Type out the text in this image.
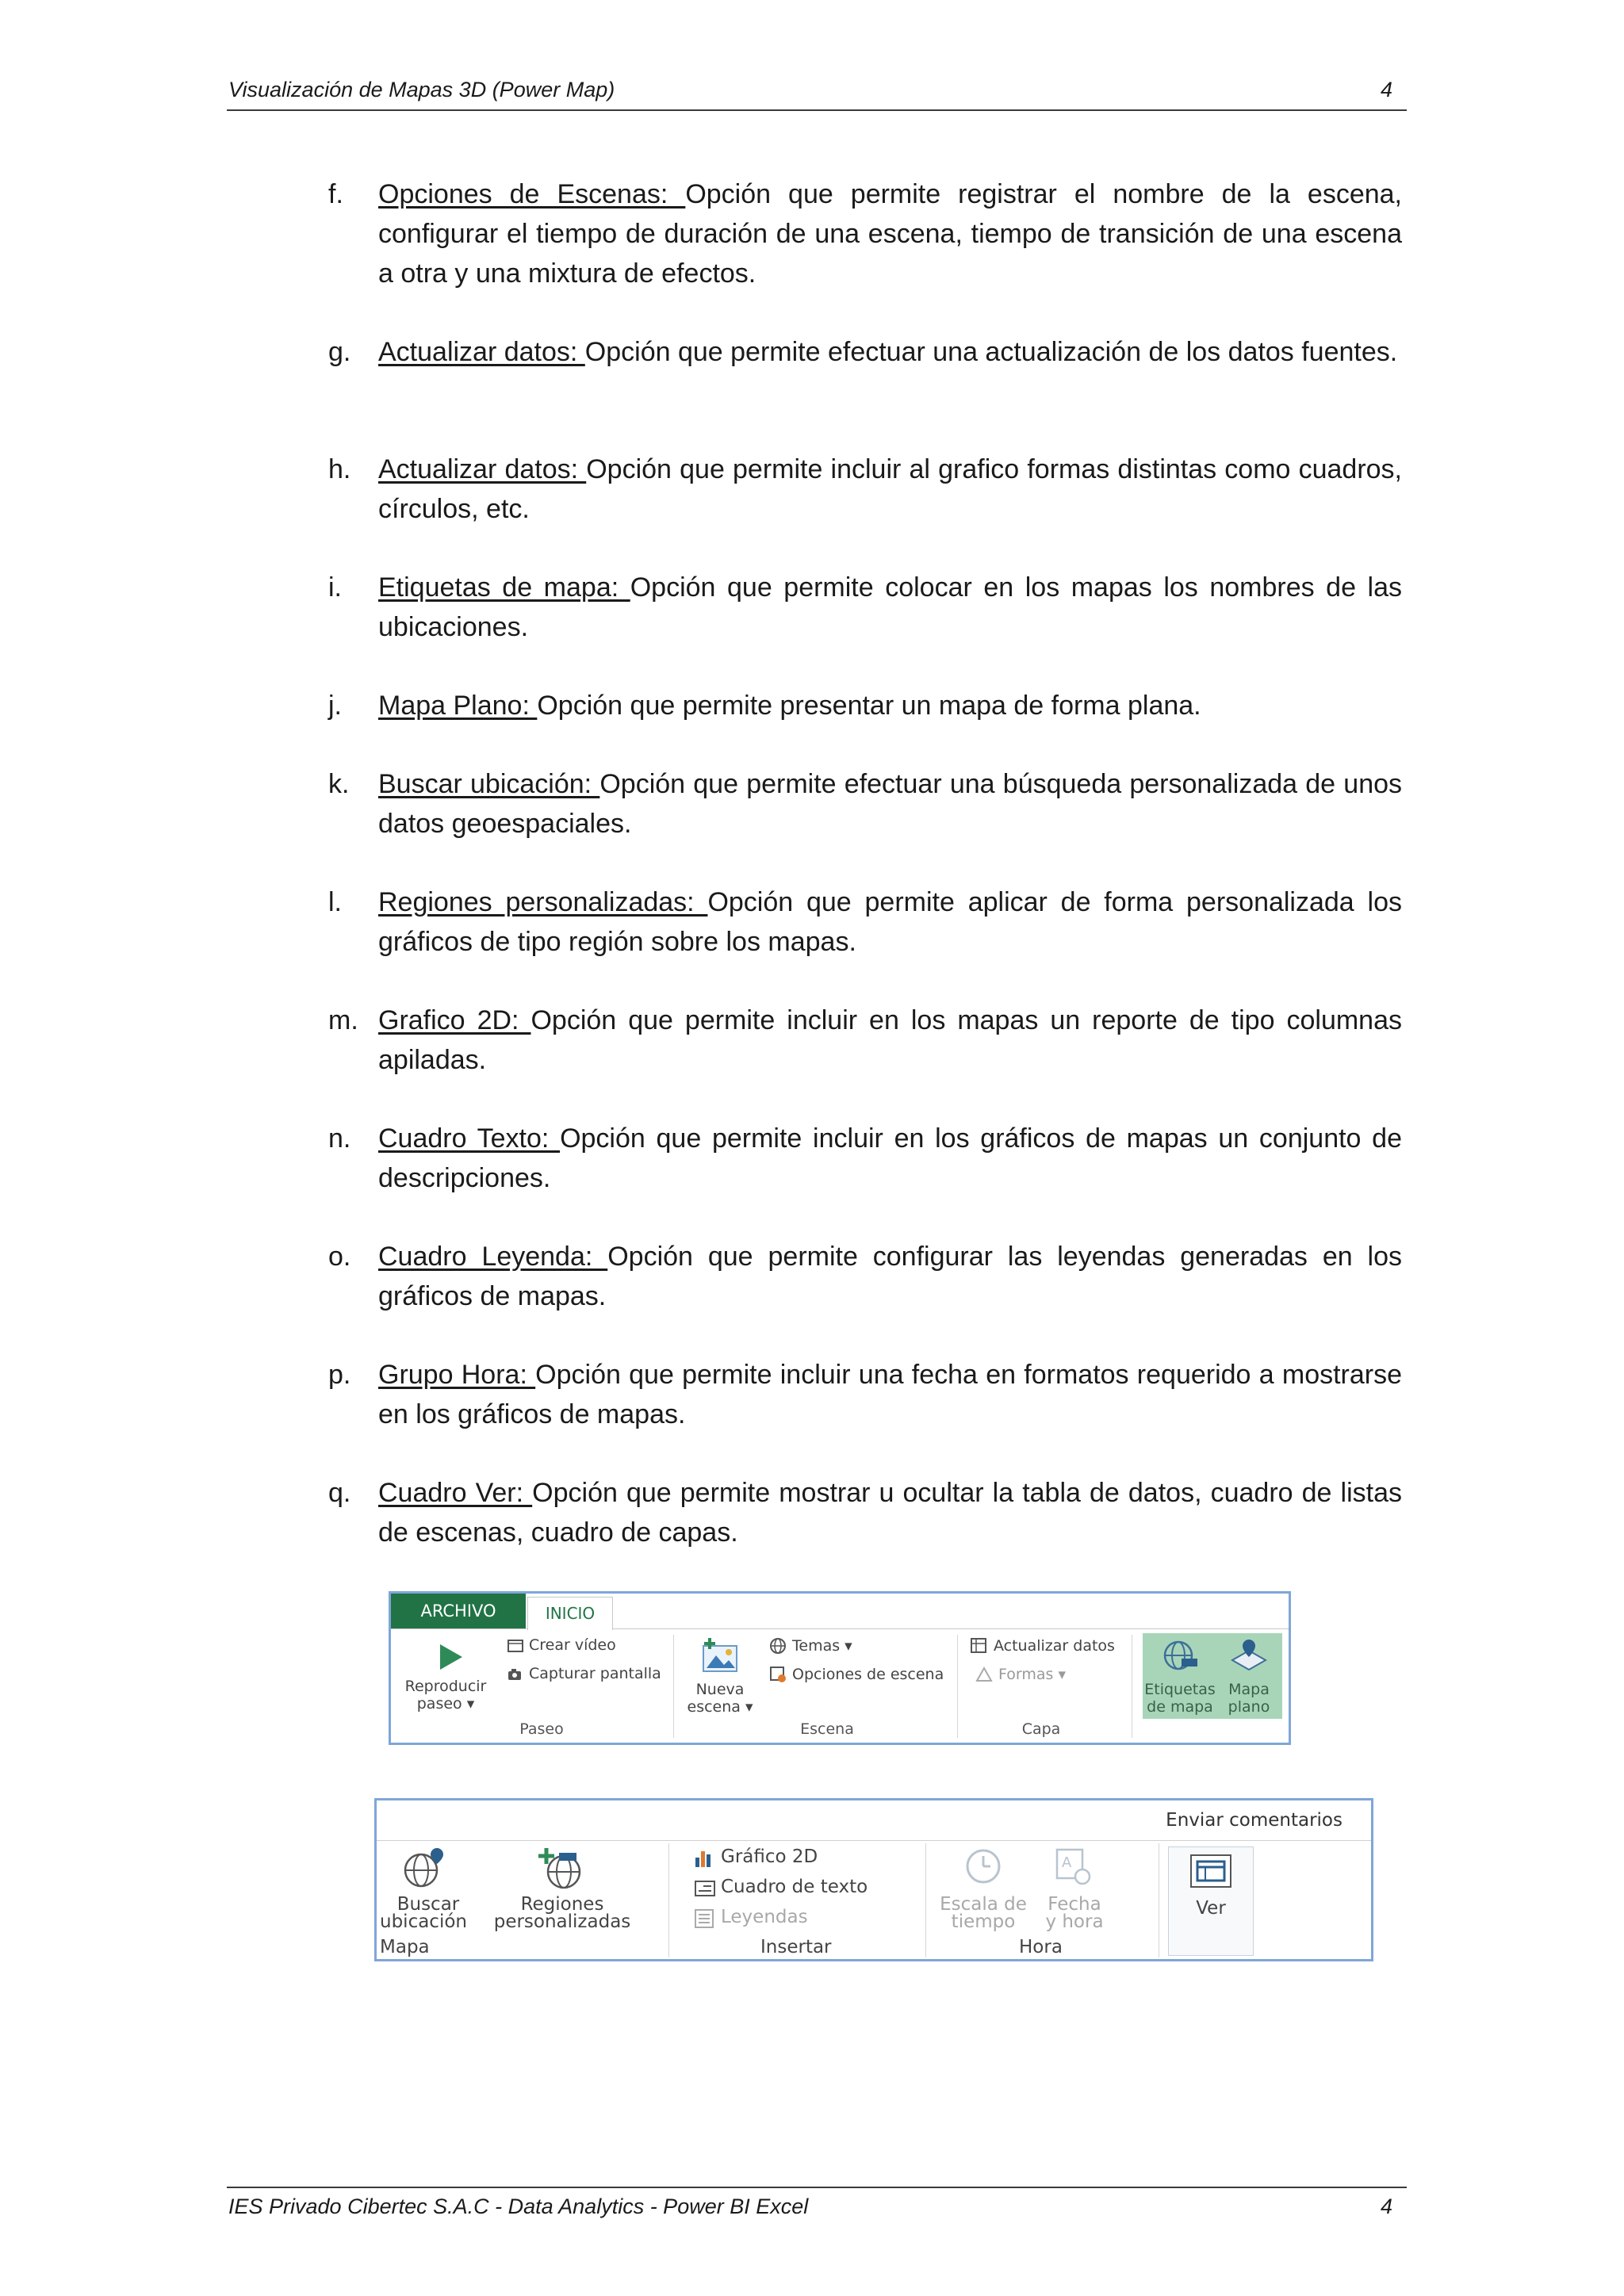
Visualización de Mapas 3D (Power Map)	4
f.	Opciones de Escenas: Opción que permite registrar el nombre de la escena, configurar el tiempo de duración de una escena, tiempo de transición de una escena a otra y una mixtura de efectos.
g.	Actualizar datos: Opción que permite efectuar una actualización de los datos fuentes.
h.	Actualizar datos: Opción que permite incluir al grafico formas distintas como cuadros, círculos, etc.
i.	Etiquetas de mapa: Opción que permite colocar en los mapas los nombres de las ubicaciones.
j.	Mapa Plano: Opción que permite presentar un mapa de forma plana.
k.	Buscar ubicación: Opción que permite efectuar una búsqueda personalizada de unos datos geoespaciales.
l.	Regiones personalizadas: Opción que permite aplicar de forma personalizada los gráficos de tipo región sobre los mapas.
m. Grafico 2D: Opción que permite incluir en los mapas un reporte de tipo columnas apiladas.
n.	Cuadro Texto: Opción que permite incluir en los gráficos de mapas un conjunto de descripciones.
o.	Cuadro Leyenda: Opción que permite configurar las leyendas generadas en los gráficos de mapas.
p.	Grupo Hora: Opción que permite incluir una fecha en formatos requerido a mostrarse en los gráficos de mapas.
q.	Cuadro Ver: Opción que permite mostrar u ocultar la tabla de datos, cuadro de listas de escenas, cuadro de capas.
ARCHIVO	INICIO
Reproducir
paseo ▾
Crear vídeo
Capturar pantalla
Paseo
Nueva
escena ▾
Temas ▾
Opciones de escena
Escena
Actualizar datos
Formas ▾
Capa
Etiquetas
de mapa
Mapa
plano
Enviar comentarios
Buscar
ubicación
Regiones
personalizadas
Mapa
Gráfico 2D
Cuadro de texto
Leyendas
Insertar
Escala de
tiempo
A
Fecha
y hora
Hora
Ver
IES Privado Cibertec S.A.C - Data Analytics - Power BI Excel	4
